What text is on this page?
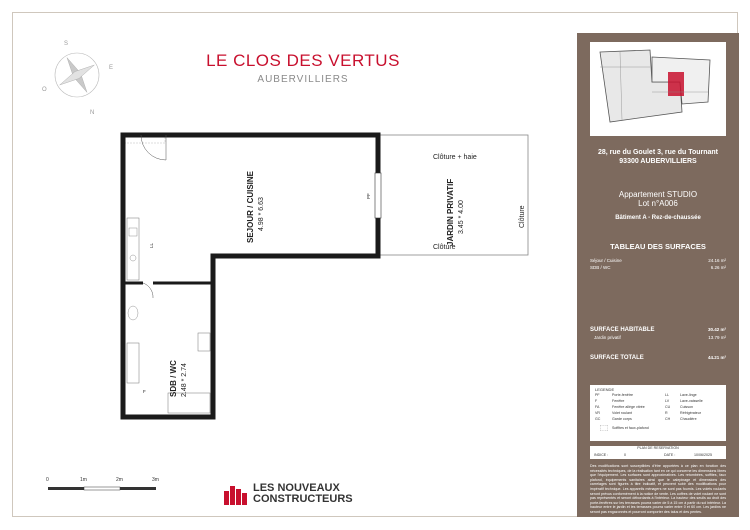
LE CLOS DES VERTUS
AUBERVILLIERS
S
O
E
N
Clôture + haie
Clôture
Clôture
PF
LL
F
SEJOUR / CUISINE 4.98 * 6.63	JARDIN PRIVATIF 3.45 * 4.00
SDB / WC 2.48 * 2.74
0	1m	2m	3m
LES NOUVEAUX
CONSTRUCTEURS
28, rue du Goulet 3, rue du Tournant 93300 AUBERVILLIERS
Appartement STUDIO
Lot n°A006
Bâtiment A - Rez-de-chaussée
TABLEAU DES SURFACES
Séjour / Cuisine	24.16 m²
SDB / WC	6.26 m²
SURFACE HABITABLE	30.42 m²
Jardin privatif	13.79 m²
SURFACE TOTALE	44.21 m²
LEGENDE
PF	Porte-fenêtre
F	Fenêtre
FA	Fenêtre allège vitrée
VR	Volet roulant
GC	Garde corps
LL	Lave-linge
LV	Lave-vaisselle
CU	Cuisson
R	Réfrigérateur
CH	Chaudière
Soffites et faux-plafond
PLAN DE RESERVATION
INDICE :	0	DATE :	10/06/2025
Des modifications sont susceptibles d'être apportées à ce plan en fonction des nécessités techniques, de la réalisation tant en ce qui concerne les dimensions libres que l'équipement. Les surfaces sont approximatives. Les retombées, soffites, faux plafond, équipements sanitaires ainsi que le calepinage et dimensions des carrelages sont figurés à titre indicatif, et peuvent subir des modifications pour impératif technique. Les appareils ménagers ne sont pas fournis. Les volets roulants seront prévus conformément à la notice de vente. Les coffres de volet roulant ne sont pas représentés et seront débordants à l'intérieur. La hauteur des seuils au droit des porte-fenêtres sur les terrasses pourra varier de 5 à 15 cm à partir du sol intérieur. La hauteur entre le jardin et les terrasses pourra varier entre 0 et 60 cm. Les jardins ne seront pas engazonnés et pourront comporter des talus et des pentes.
